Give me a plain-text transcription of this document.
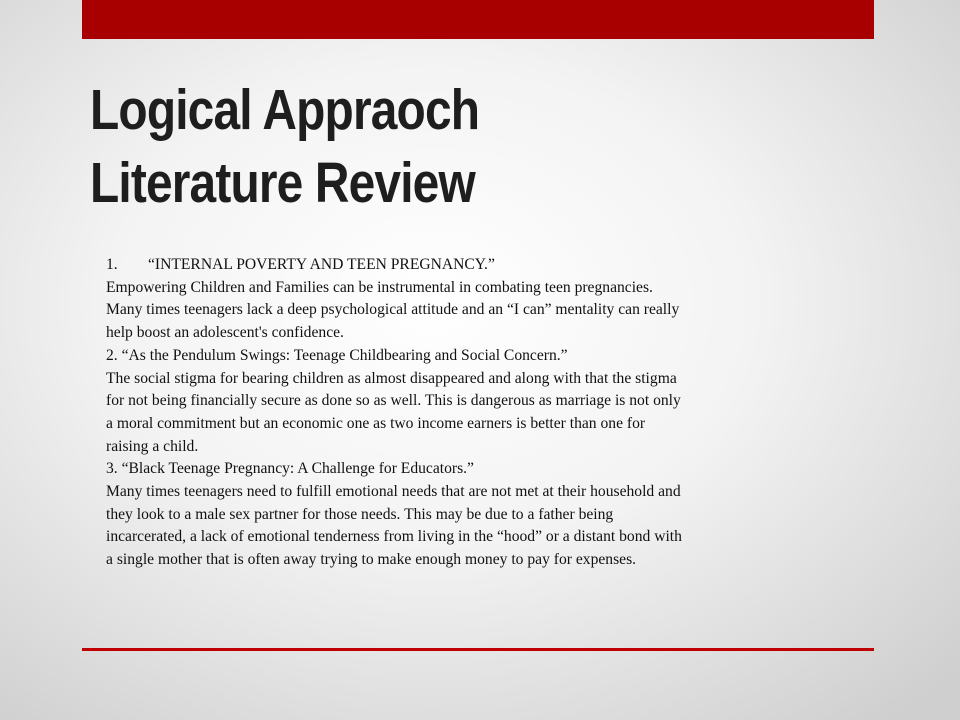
Logical Appraoch
Literature Review

1. “INTERNAL POVERTY AND TEEN PREGNANCY.”

Empowering Children and Families can be instrumental in combating teen pregnancies.

Many times teenagers lack a deep psychological attitude and an “I can” mentality can really

help boost an adolescent's confidence.

2. “As the Pendulum Swings: Teenage Childbearing and Social Concern.”

The social stigma for bearing children as almost disappeared and along with that the stigma

for not being financially secure as done so as well. This is dangerous as marriage is not only

a moral commitment but an economic one as two income earners is better than one for

raising a child.

3. “Black Teenage Pregnancy: A Challenge for Educators.”

Many times teenagers need to fulfill emotional needs that are not met at their household and

they look to a male sex partner for those needs. This may be due to a father being

incarcerated, a lack of emotional tenderness from living in the “hood” or a distant bond with

a single mother that is often away trying to make enough money to pay for expenses.
